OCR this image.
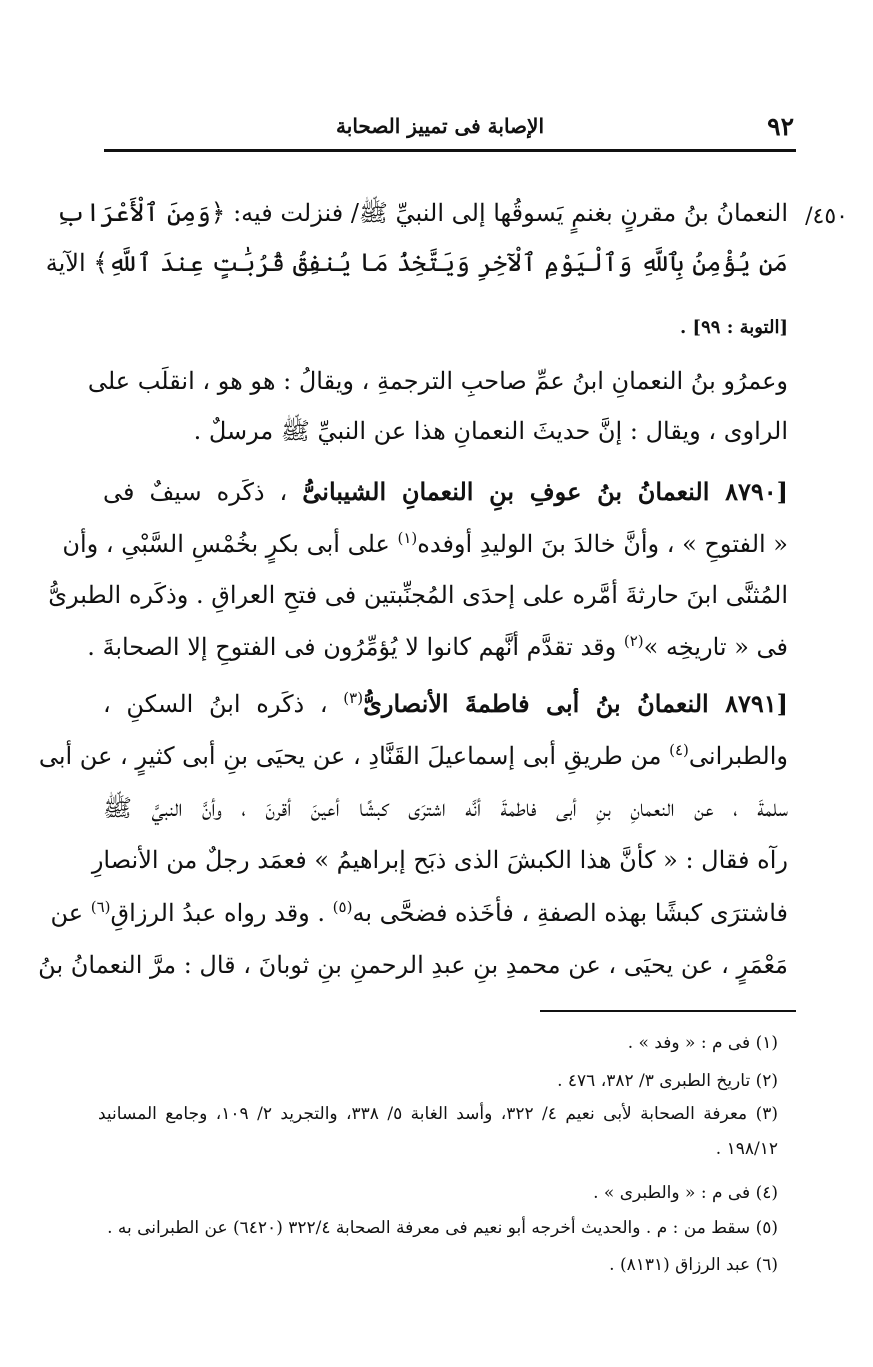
٩٢
الإصابة فى تمييز الصحابة
٤٥٠/
النعمانُ بنُ مقرنٍ بغنمٍ يَسوقُها إلى النبيِّ ﷺ/ فنزلت فيه: ﴿وَمِنَ ٱلْأَعْرَابِ
مَن يُؤْمِنُ بِٱللَّهِ وَٱلْيَوْمِ ٱلْآخِرِ وَيَتَّخِذُ مَا يُنفِقُ قُرُبَٰتٍ عِندَ ٱللَّهِ﴾ الآية
[التوبة : ٩٩] .
وعمرُو بنُ النعمانِ ابنُ عمِّ صاحبِ الترجمةِ ، ويقالُ : هو هو ، انقلَب على
الراوى ، ويقال : إنَّ حديثَ النعمانِ هذا عن النبيِّ ﷺ مرسلٌ .
[٨٧٩٠ النعمانُ بنُ عوفِ بنِ النعمانِ الشيبانىُّ ، ذكَره سيفٌ فى
« الفتوحِ » ، وأنَّ خالدَ بنَ الوليدِ أوفده$^{(١)}$ على أبى بكرٍ بخُمْسِ السَّبْىِ ، وأن
المُثنَّى ابنَ حارثةَ أمَّره على إحدَى المُجنِّبتين فى فتحِ العراقِ . وذكَره الطبرىُّ
فى « تاريخِه »$^{(٢)}$ وقد تقدَّم أنَّهم كانوا لا يُؤمِّرُون فى الفتوحِ إلا الصحابةَ .
[٨٧٩١ النعمانُ بنُ أبى فاطمةَ الأنصارىُّ$^{(٣)}$ ، ذكَره ابنُ السكنِ ،
والطبرانى$^{(٤)}$ من طريقِ أبى إسماعيلَ القَنَّادِ ، عن يحيَى بنِ أبى كثيرٍ ، عن أبى
سلمةَ ، عن النعمانِ بنِ أبى فاطمةَ أنَّه اشترَى كبشًا أعينَ أقرنَ ، وأنَّ النبيَّ ﷺ
رآه فقال : « كأنَّ هذا الكبشَ الذى ذبَح إبراهيمُ » فعمَد رجلٌ من الأنصارِ
فاشترَى كبشًا بهذه الصفةِ ، فأخَذه فضحَّى به$^{(٥)}$ . وقد رواه عبدُ الرزاقِ$^{(٦)}$ عن
مَعْمَرٍ ، عن يحيَى ، عن محمدِ بنِ عبدِ الرحمنِ بنِ ثوبانَ ، قال : مرَّ النعمانُ بنُ
(١) فى م : « وفد » .
(٢) تاريخ الطبرى ٣/ ٣٨٢، ٤٧٦ .
(٣) معرفة الصحابة لأبى نعيم ٤/ ٣٢٢، وأسد الغابة ٥/ ٣٣٨، والتجريد ٢/ ١٠٩، وجامع المسانيد
١٩٨/١٢ .
(٤) فى م : « والطبرى » .
(٥) سقط من : م . والحديث أخرجه أبو نعيم فى معرفة الصحابة ٣٢٢/٤ (٦٤٢٠) عن الطبرانى به .
(٦) عبد الرزاق (٨١٣١) .
